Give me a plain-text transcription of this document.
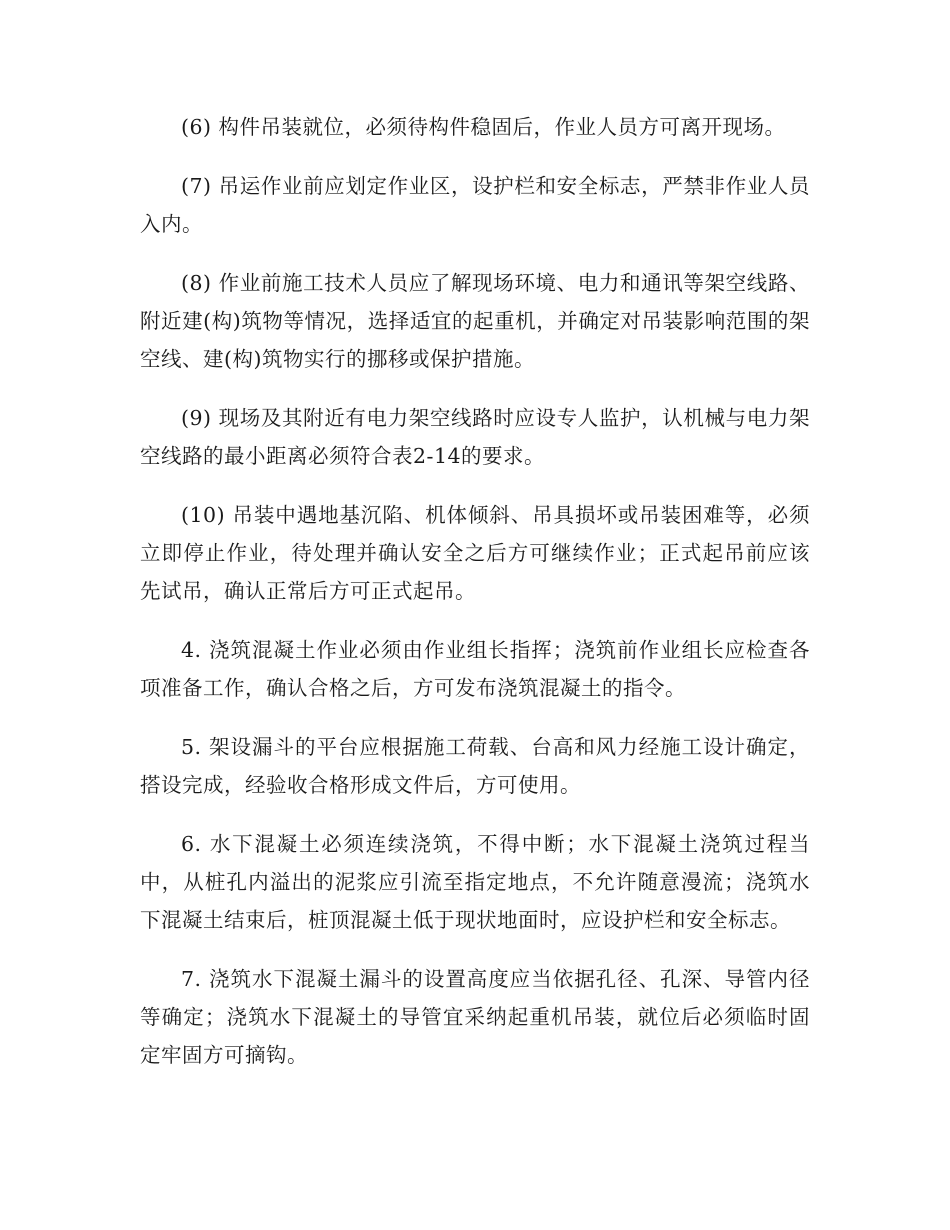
(6) 构件吊装就位，必须待构件稳固后，作业人员方可离开现场。

(7) 吊运作业前应划定作业区，设护栏和安全标志，严禁非作业人员入内。

(8) 作业前施工技术人员应了解现场环境、电力和通讯等架空线路、附近建(构)筑物等情况，选择适宜的起重机，并确定对吊装影响范围的架空线、建(构)筑物实行的挪移或保护措施。

(9) 现场及其附近有电力架空线路时应设专人监护，认机械与电力架空线路的最小距离必须符合表2-14的要求。

(10) 吊装中遇地基沉陷、机体倾斜、吊具损坏或吊装困难等，必须立即停止作业，待处理并确认安全之后方可继续作业；正式起吊前应该先试吊，确认正常后方可正式起吊。

4. 浇筑混凝土作业必须由作业组长指挥；浇筑前作业组长应检查各项准备工作，确认合格之后，方可发布浇筑混凝土的指令。

5. 架设漏斗的平台应根据施工荷载、台高和风力经施工设计确定，搭设完成，经验收合格形成文件后，方可使用。

6. 水下混凝土必须连续浇筑，不得中断；水下混凝土浇筑过程当中，从桩孔内溢出的泥浆应引流至指定地点，不允许随意漫流；浇筑水下混凝土结束后，桩顶混凝土低于现状地面时，应设护栏和安全标志。

7. 浇筑水下混凝土漏斗的设置高度应当依据孔径、孔深、导管内径等确定；浇筑水下混凝土的导管宜采纳起重机吊装，就位后必须临时固定牢固方可摘钩。
